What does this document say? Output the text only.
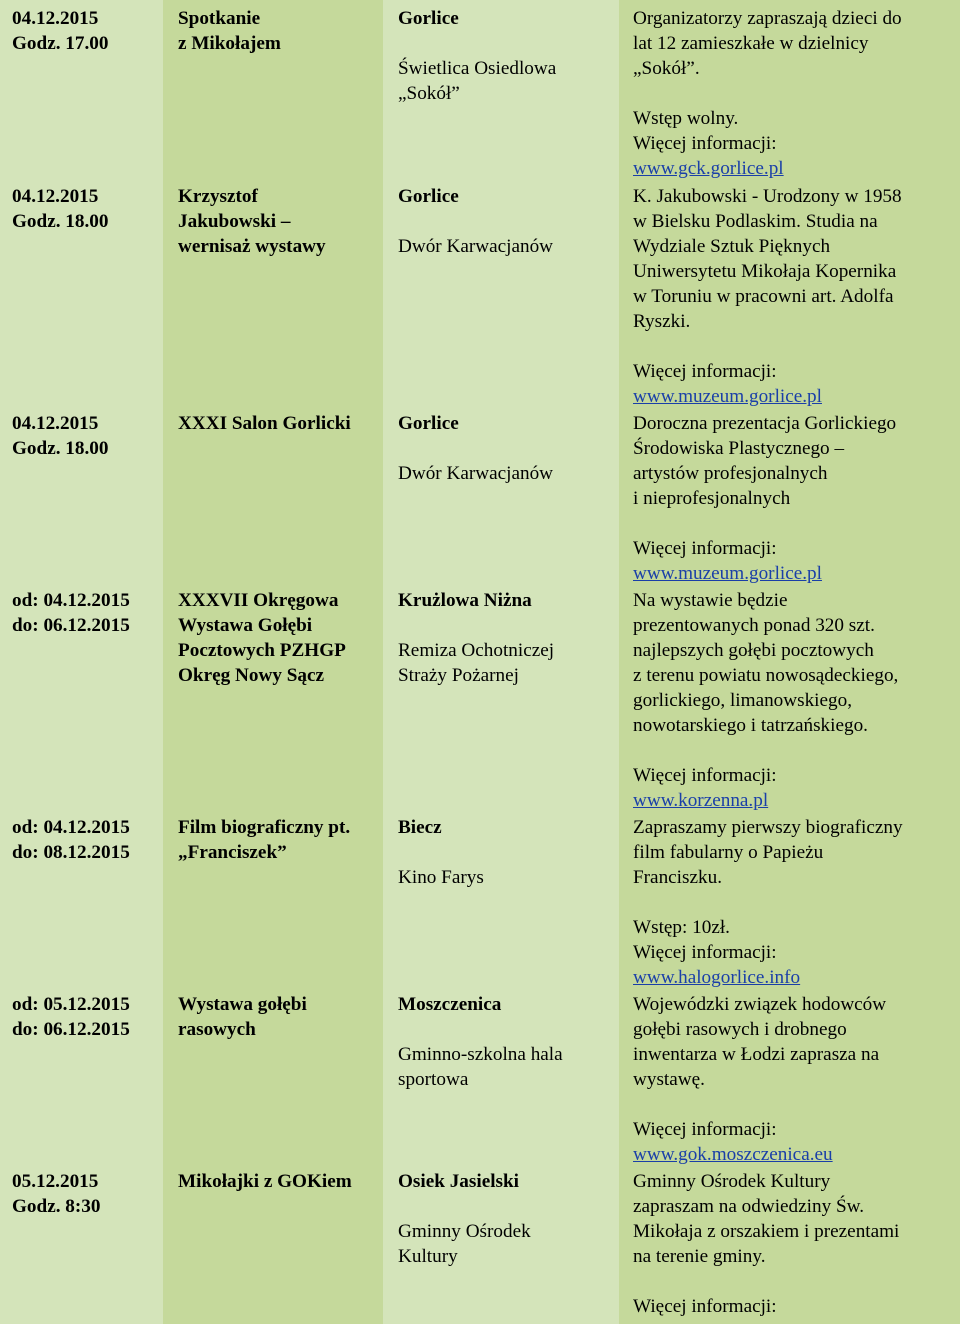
04.12.2015
Godz. 17.00
Spotkanie
z Mikołajem
Gorlice
Świetlica Osiedlowa
„Sokół”
Organizatorzy zapraszają dzieci do
lat 12 zamieszkałe w dzielnicy
„Sokół”.
Wstęp wolny.
Więcej informacji:
www.gck.gorlice.pl
04.12.2015
Godz. 18.00
Krzysztof
Jakubowski –
wernisaż wystawy
Gorlice
Dwór Karwacjanów
K. Jakubowski - Urodzony w 1958
w Bielsku Podlaskim. Studia na
Wydziale Sztuk Pięknych
Uniwersytetu Mikołaja Kopernika
w Toruniu w pracowni art. Adolfa
Ryszki.
Więcej informacji:
www.muzeum.gorlice.pl
04.12.2015
Godz. 18.00
XXXI Salon Gorlicki	Gorlice
Dwór Karwacjanów
Doroczna prezentacja Gorlickiego
Środowiska Plastycznego –
artystów profesjonalnych
i nieprofesjonalnych
Więcej informacji:
www.muzeum.gorlice.pl
od: 04.12.2015
do: 06.12.2015
XXXVII Okręgowa
Wystawa Gołębi
Pocztowych PZHGP
Okręg Nowy Sącz
Krużlowa Niżna
Remiza Ochotniczej
Straży Pożarnej
Na wystawie będzie
prezentowanych ponad 320 szt.
najlepszych gołębi pocztowych
z terenu powiatu nowosądeckiego,
gorlickiego, limanowskiego,
nowotarskiego i tatrzańskiego.
Więcej informacji:
www.korzenna.pl
od: 04.12.2015
do: 08.12.2015
Film biograficzny pt.
„Franciszek”
Biecz
Kino Farys
Zapraszamy pierwszy biograficzny
film fabularny o Papieżu
Franciszku.
Wstęp: 10zł.
Więcej informacji:
www.halogorlice.info
od: 05.12.2015
do: 06.12.2015
Wystawa gołębi
rasowych
Moszczenica
Gminno-szkolna hala
sportowa
Wojewódzki związek hodowców
gołębi rasowych i drobnego
inwentarza w Łodzi zaprasza na
wystawę.
Więcej informacji:
www.gok.moszczenica.eu
05.12.2015
Godz. 8:30
Mikołajki z GOKiem	Osiek Jasielski
Gminny Ośrodek
Kultury
Gminny Ośrodek Kultury
zapraszam na odwiedziny Św.
Mikołaja z orszakiem i prezentami
na terenie gminy.
Więcej informacji:
